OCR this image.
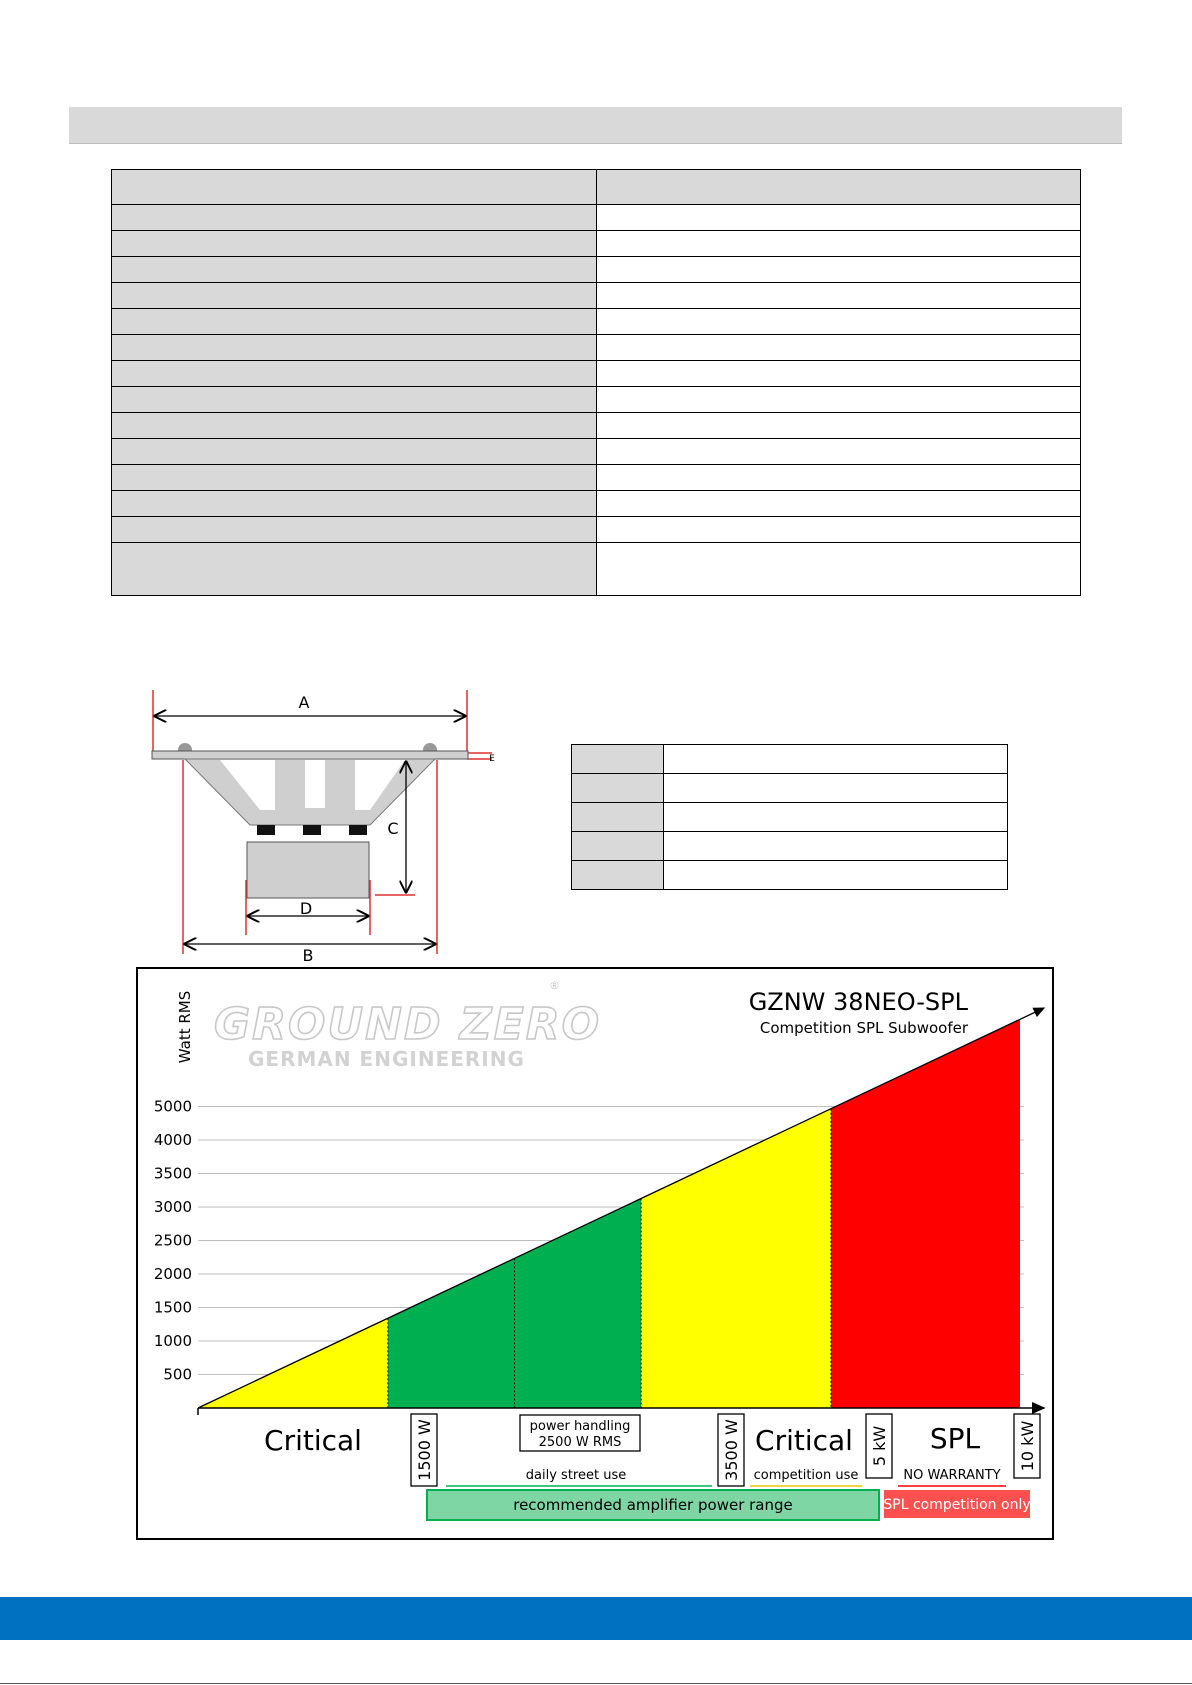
A
B
C
D
E

GROUND ZERO
®
GERMAN ENGINEERING
GZNW 38NEO-SPL
Competition SPL Subwoofer
Watt RMS
500
1000
1500
2000
2500
3000
3500
4000
5000
Critical	Critical	SPL
1500 W	3500 W	5 kW	10 kW
power handling
2500 W RMS
daily street use	competition use	NO WARRANTY
recommended amplifier power range	SPL competition only
